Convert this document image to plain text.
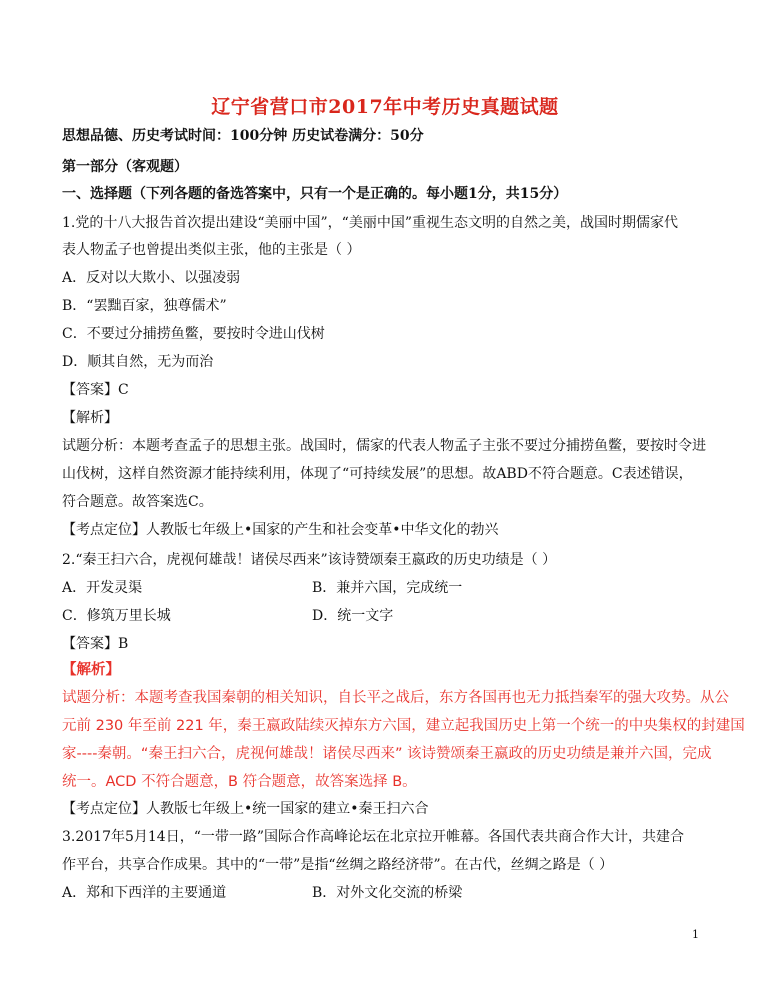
辽宁省营口市2017年中考历史真题试题
思想品德、历史考试时间：100分钟 历史试卷满分：50分
第一部分（客观题）
一、选择题（下列各题的备选答案中，只有一个是正确的。每小题1分，共15分）
1.党的十八大报告首次提出建设“美丽中国”，“美丽中国”重视生态文明的自然之美，战国时期儒家代
表人物孟子也曾提出类似主张，他的主张是（ ）
A．反对以大欺小、以强凌弱
B．“罢黜百家，独尊儒术”
C．不要过分捕捞鱼鳖，要按时令进山伐树
D．顺其自然，无为而治
【答案】C
【解析】
试题分析：本题考查孟子的思想主张。战国时，儒家的代表人物孟子主张不要过分捕捞鱼鳖，要按时令进
山伐树，这样自然资源才能持续利用，体现了“可持续发展”的思想。故ABD不符合题意。C表述错误，
符合题意。故答案选C。
【考点定位】人教版七年级上•国家的产生和社会变革•中华文化的勃兴
2.“秦王扫六合，虎视何雄哉！诸侯尽西来”该诗赞颂秦王嬴政的历史功绩是（ ）
A．开发灵渠	B．兼并六国，完成统一
C．修筑万里长城	D．统一文字
【答案】B
【解析】
试题分析：本题考查我国秦朝的相关知识，自长平之战后，东方各国再也无力抵挡秦军的强大攻势。从公
元前 230 年至前 221 年，秦王嬴政陆续灭掉东方六国，建立起我国历史上第一个统一的中央集权的封建国
家----秦朝。“秦王扫六合，虎视何雄哉！诸侯尽西来” 该诗赞颂秦王嬴政的历史功绩是兼并六国，完成
统一。ACD 不符合题意，B 符合题意，故答案选择 B。
【考点定位】人教版七年级上•统一国家的建立•秦王扫六合
3.2017年5月14日，“一带一路”国际合作高峰论坛在北京拉开帷幕。各国代表共商合作大计，共建合
作平台，共享合作成果。其中的“一带”是指“丝绸之路经济带”。在古代，丝绸之路是（ ）
A．郑和下西洋的主要通道	B．对外文化交流的桥梁
1
